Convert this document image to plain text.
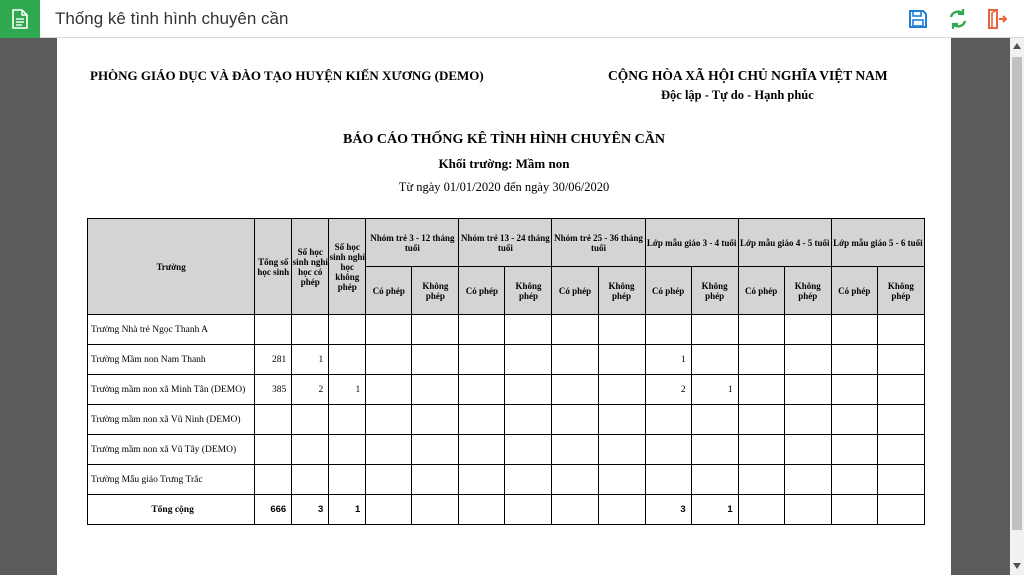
Thống kê tình hình chuyên cần
PHÒNG GIÁO DỤC VÀ ĐÀO TẠO HUYỆN KIẾN XƯƠNG (DEMO)	CỘNG HÒA XÃ HỘI CHỦ NGHĨA VIỆT NAM
Độc lập - Tự do - Hạnh phúc
BÁO CÁO THỐNG KÊ TÌNH HÌNH CHUYÊN CẦN
Khối trường: Mầm non
Từ ngày 01/01/2020 đến ngày 30/06/2020
Trường	Tổng số học sinh	Số học sinh nghỉ học có phép	Số học sinh nghỉ học không phép	Nhóm trẻ 3 - 12 tháng tuổi		Nhóm trẻ 13 - 24 tháng tuổi		Nhóm trẻ 25 - 36 tháng tuổi		Lớp mẫu giáo 3 - 4 tuổi		Lớp mẫu giáo 4 - 5 tuổi		Lớp mẫu giáo 5 - 6 tuổi	
				Có phép	Không phép	Có phép	Không phép	Có phép	Không phép	Có phép	Không phép	Có phép	Không phép	Có phép	Không phép
Trường Nhà trẻ Ngọc Thanh A															
Trường Mầm non Nam Thanh	281	1								1					
Trường mầm non xã Minh Tân (DEMO)	385	2	1							2	1				
Trường mầm non xã Vũ Ninh (DEMO)															
Trường mầm non xã Vũ Tây (DEMO)															
Trường Mẫu giáo Trưng Trắc															
Tổng cộng	666	3	1							3	1				
